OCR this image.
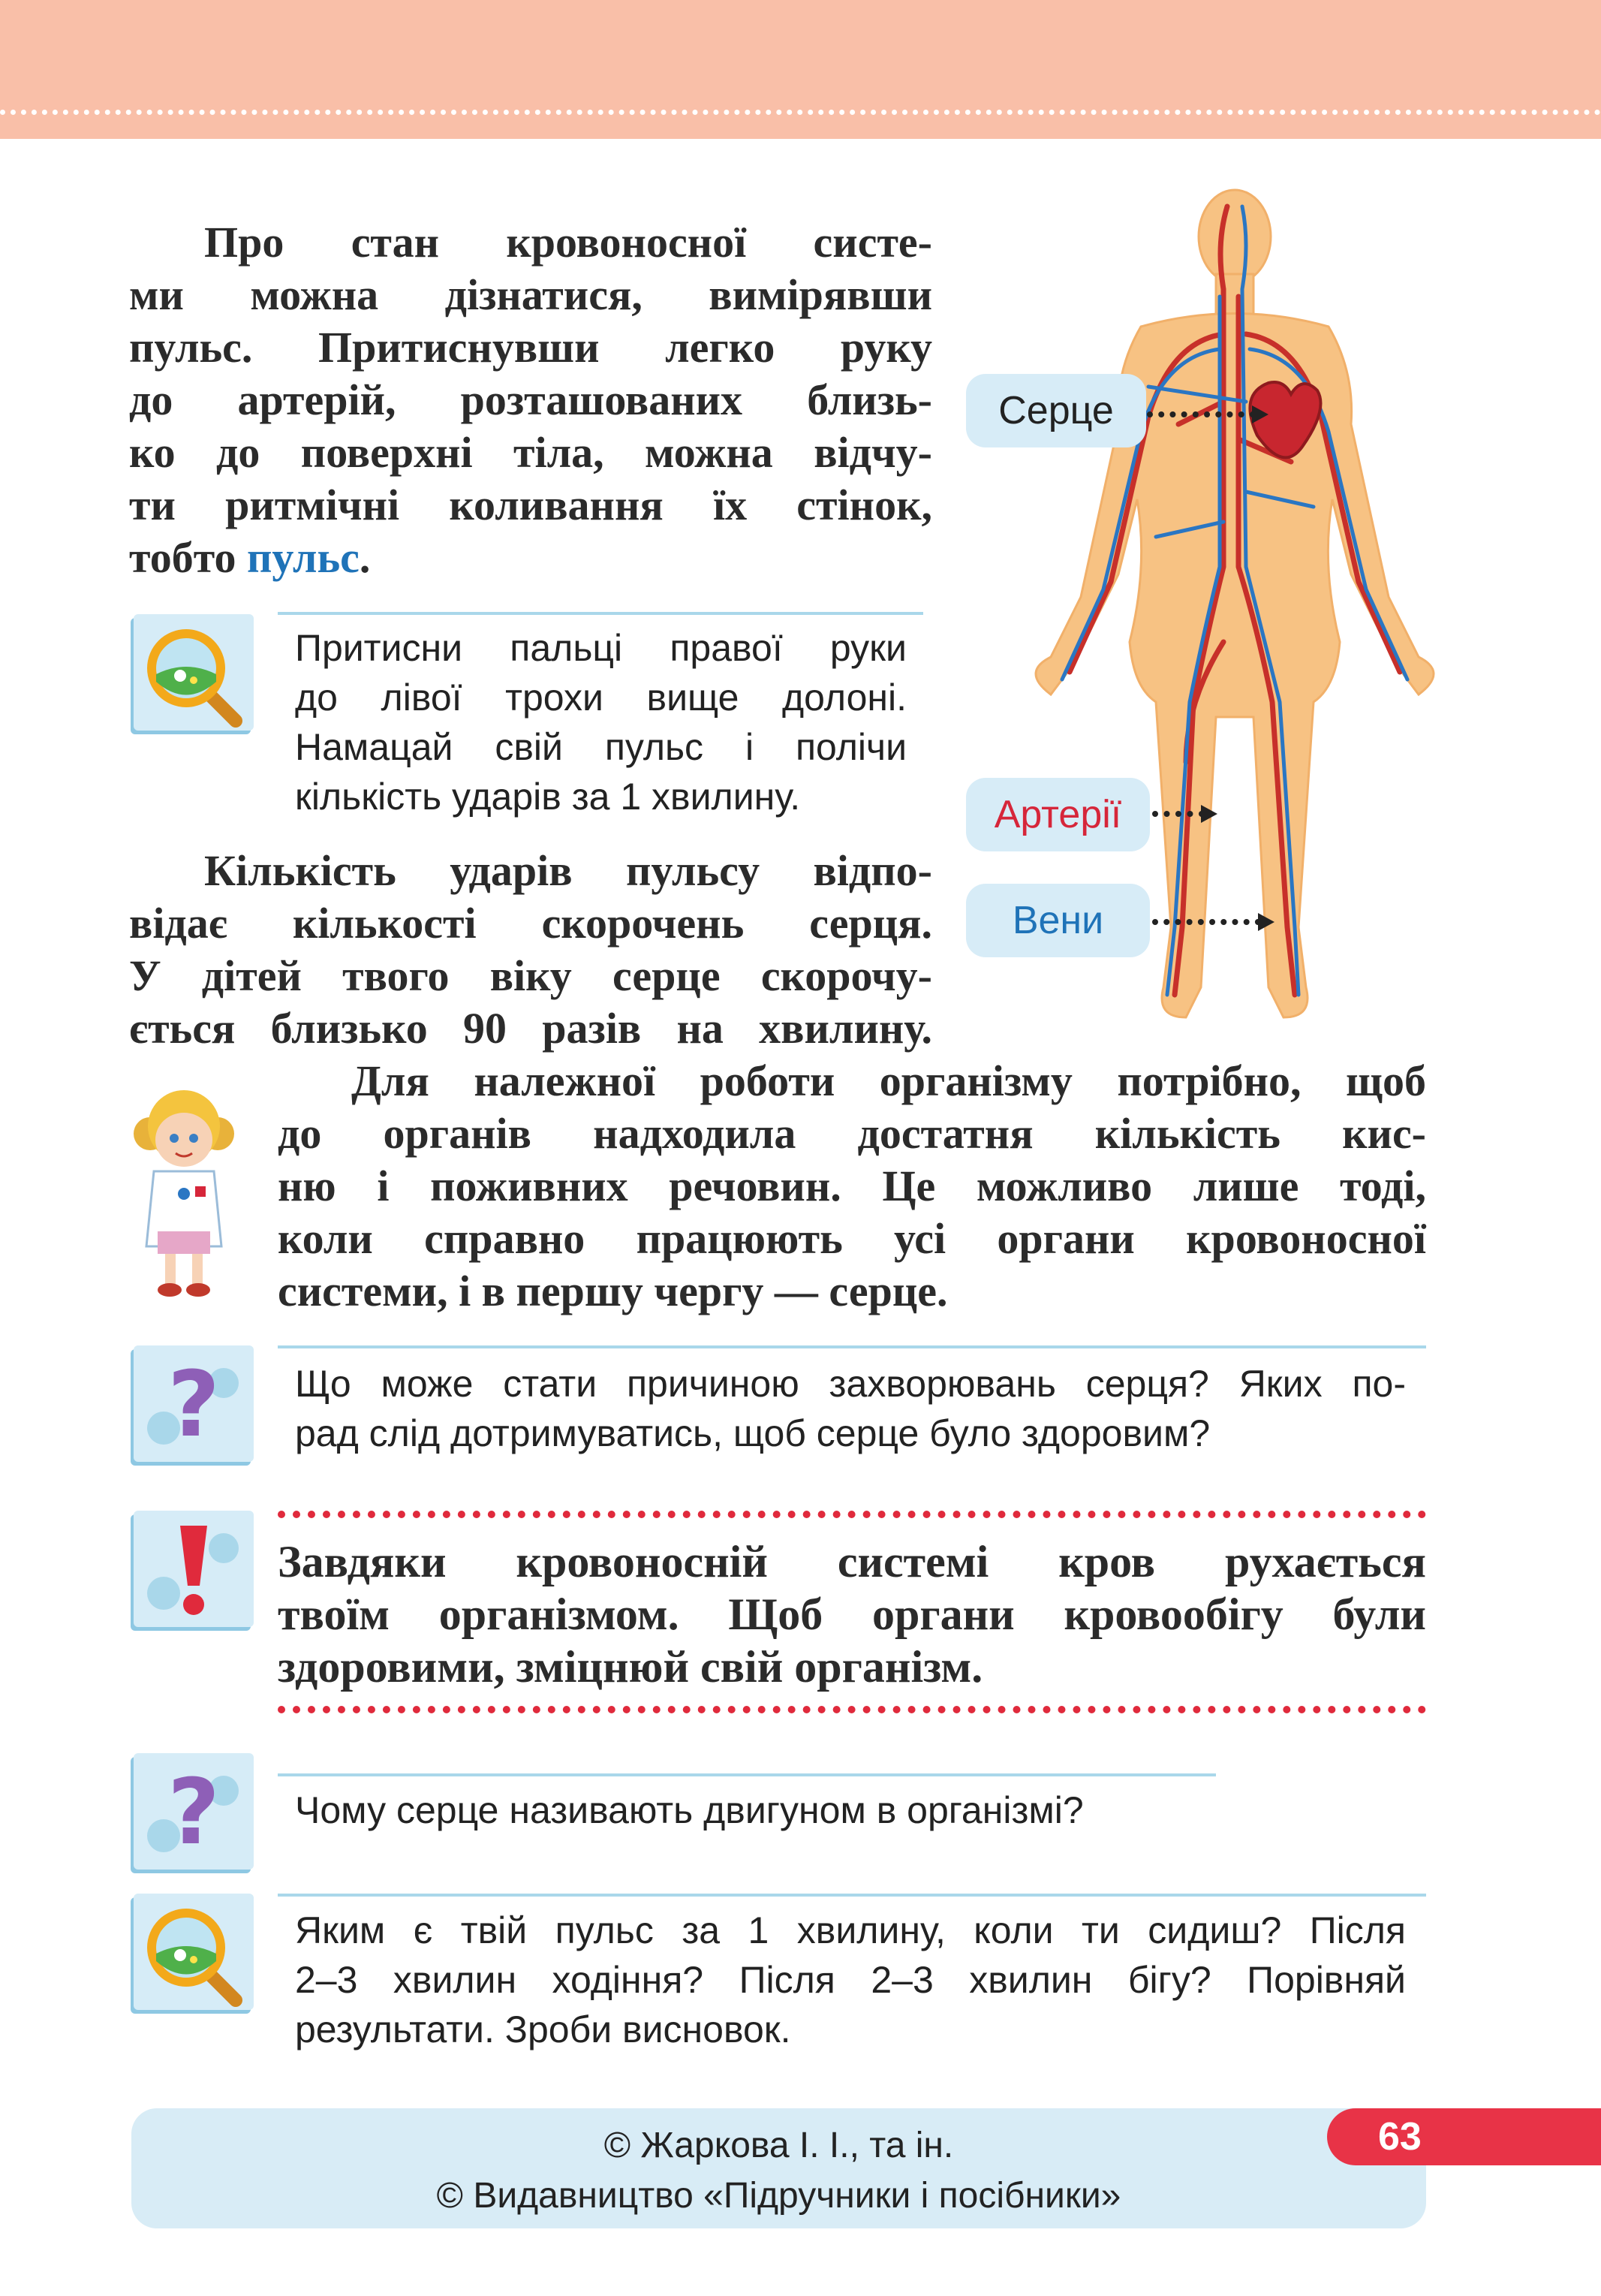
Про стан кровоносної систе-
ми можна дізнатися, вимірявши
пульс. Притиснувши легко руку
до артерій, розташованих близь-
ко до поверхні тіла, можна відчу-
ти ритмічні коливання їх стінок,
тобто пульс.
Притисни пальці правої руки
до лівої трохи вище долоні.
Намацай свій пульс і полічи
кількість ударів за 1 хвилину.
Кількість ударів пульсу відпо-
відає кількості скорочень серця.
У дітей твого віку серце скорочу-
ється близько 90 разів на хвилину.
Серце
Артерії
Вени
Для належної роботи організму потрібно, щоб
до органів надходила достатня кількість кис-
ню і поживних речовин. Це можливо лише тоді,
коли справно працюють усі органи кровоносної
системи, і в першу чергу — серце.
? Що може стати причиною захворювань серця? Яких по-
рад слід дотримуватись, щоб серце було здоровим?
Завдяки кровоносній системі кров рухається
твоїм організмом. Щоб органи кровообігу були
здоровими, зміцнюй свій організм.
? Чому серце називають двигуном в організмі?
Яким є твій пульс за 1 хвилину, коли ти сидиш? Після
2–3 хвилин ходіння? Після 2–3 хвилин бігу? Порівняй
результати. Зроби висновок.
© Жаркова І. І., та ін.
© Видавництво «Підручники і посібники»
63
